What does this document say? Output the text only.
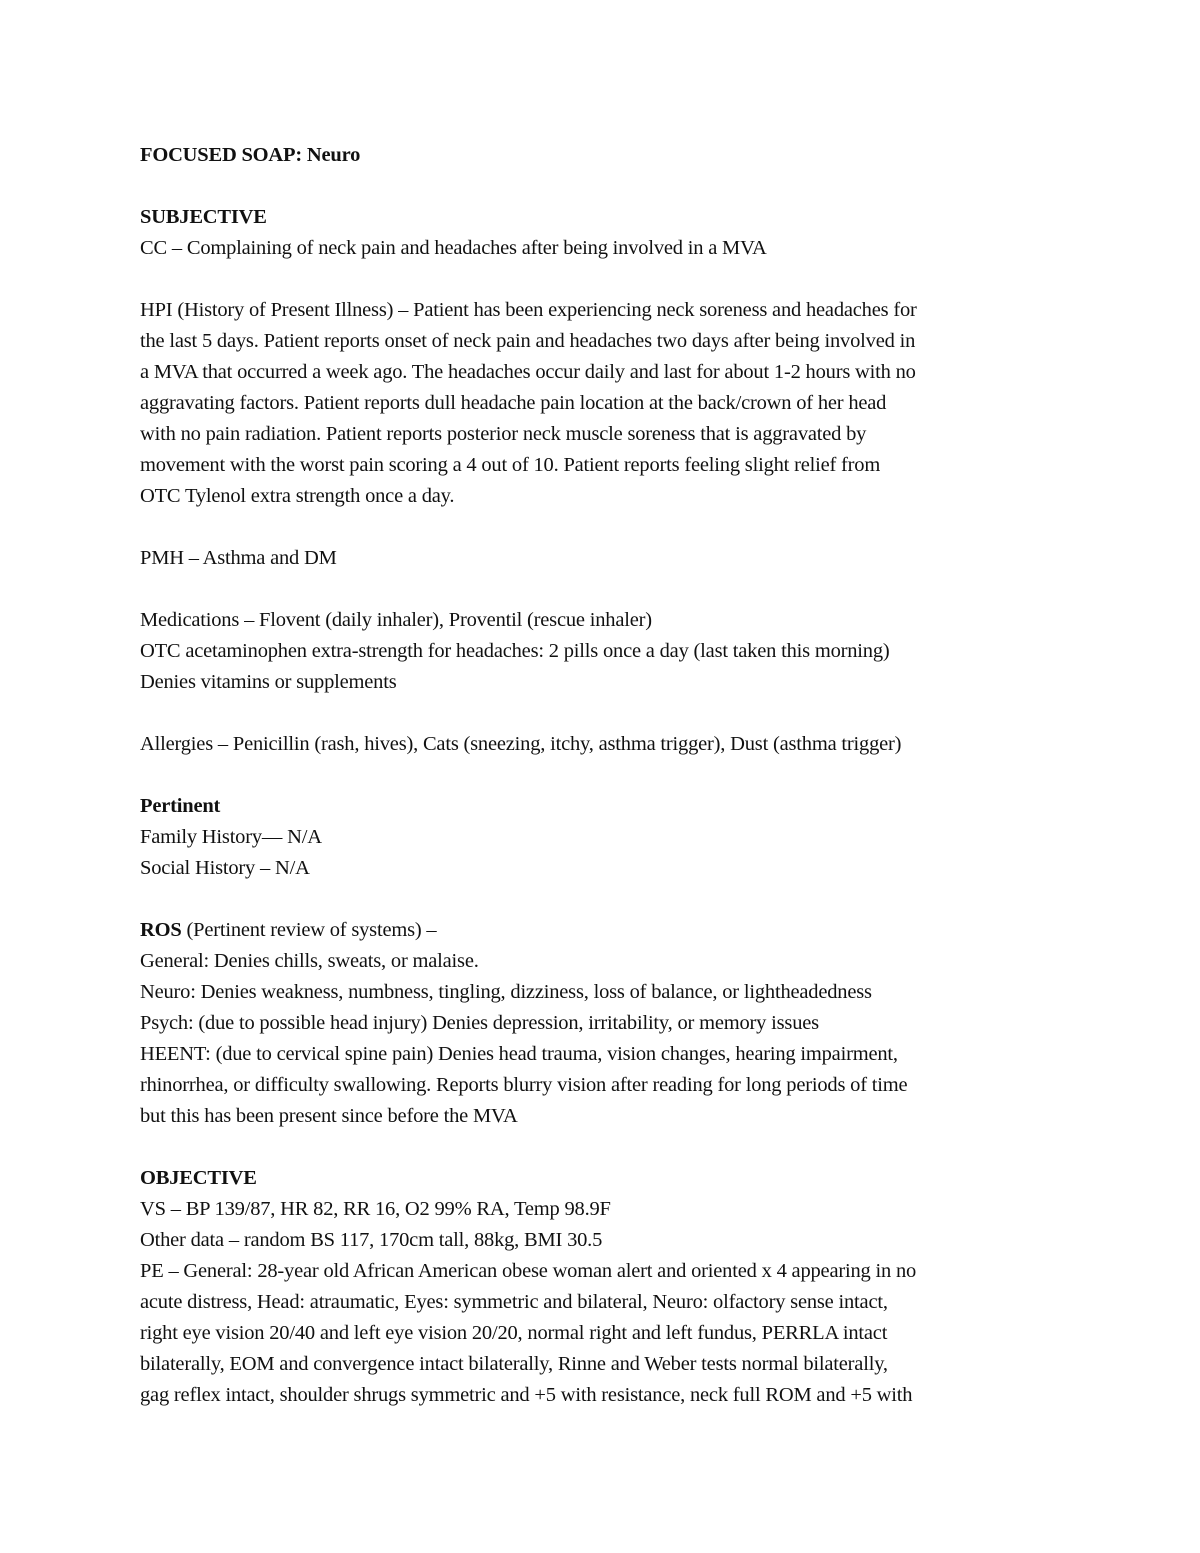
FOCUSED SOAP: Neuro
SUBJECTIVE
CC – Complaining of neck pain and headaches after being involved in a MVA
HPI (History of Present Illness) – Patient has been experiencing neck soreness and headaches for
the last 5 days. Patient reports onset of neck pain and headaches two days after being involved in
a MVA that occurred a week ago. The headaches occur daily and last for about 1-2 hours with no
aggravating factors. Patient reports dull headache pain location at the back/crown of her head
with no pain radiation. Patient reports posterior neck muscle soreness that is aggravated by
movement with the worst pain scoring a 4 out of 10. Patient reports feeling slight relief from
OTC Tylenol extra strength once a day.
PMH – Asthma and DM
Medications – Flovent (daily inhaler), Proventil (rescue inhaler)
OTC acetaminophen extra-strength for headaches: 2 pills once a day (last taken this morning)
Denies vitamins or supplements
Allergies – Penicillin (rash, hives), Cats (sneezing, itchy, asthma trigger), Dust (asthma trigger)
Pertinent
Family History— N/A
Social History – N/A
ROS (Pertinent review of systems) –
General: Denies chills, sweats, or malaise.
Neuro: Denies weakness, numbness, tingling, dizziness, loss of balance, or lightheadedness
Psych: (due to possible head injury) Denies depression, irritability, or memory issues
HEENT: (due to cervical spine pain) Denies head trauma, vision changes, hearing impairment,
rhinorrhea, or difficulty swallowing. Reports blurry vision after reading for long periods of time
but this has been present since before the MVA
OBJECTIVE
VS – BP 139/87, HR 82, RR 16, O2 99% RA, Temp 98.9F
Other data – random BS 117, 170cm tall, 88kg, BMI 30.5
PE – General: 28-year old African American obese woman alert and oriented x 4 appearing in no
acute distress, Head: atraumatic, Eyes: symmetric and bilateral, Neuro: olfactory sense intact,
right eye vision 20/40 and left eye vision 20/20, normal right and left fundus, PERRLA intact
bilaterally, EOM and convergence intact bilaterally, Rinne and Weber tests normal bilaterally,
gag reflex intact, shoulder shrugs symmetric and +5 with resistance, neck full ROM and +5 with
